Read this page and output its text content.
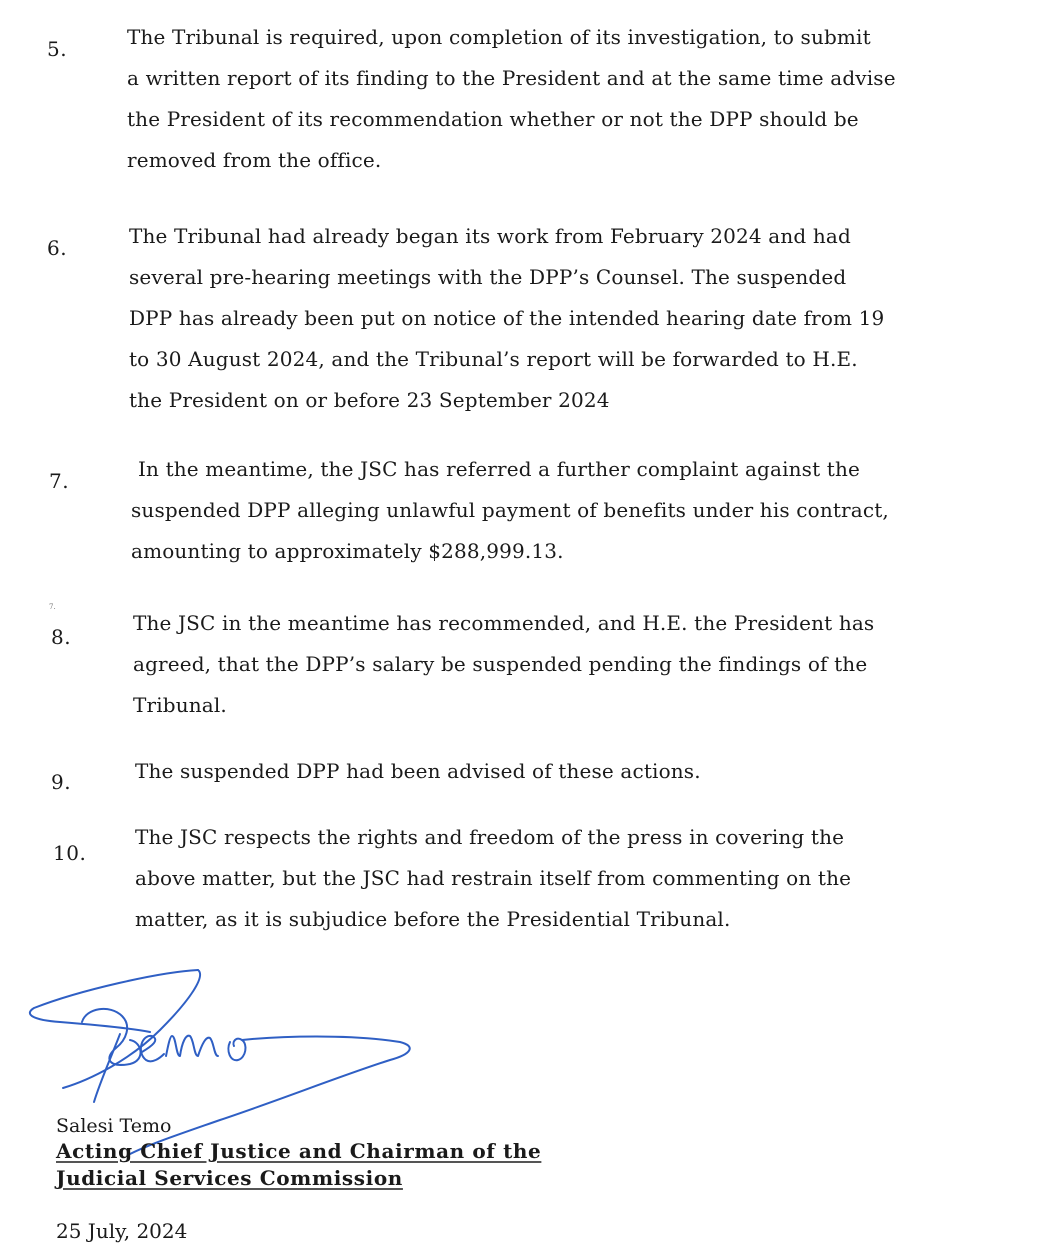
5.	The Tribunal is required, upon completion of its investigation, to submit
a written report of its finding to the President and at the same time advise
the President of its recommendation whether or not the DPP should be
removed from the office.
6.	The Tribunal had already began its work from February 2024 and had
several pre-hearing meetings with the DPP’s Counsel. The suspended
DPP has already been put on notice of the intended hearing date from 19
to 30 August 2024, and the Tribunal’s report will be forwarded to H.E.
the President on or before 23 September 2024
7.	In the meantime, the JSC has referred a further complaint against the
suspended DPP alleging unlawful payment of benefits under his contract,
amounting to approximately $288,999.13.
7.
8.
The JSC in the meantime has recommended, and H.E. the President has
agreed, that the DPP’s salary be suspended pending the findings of the
Tribunal.
9.	The suspended DPP had been advised of these actions.
10.
The JSC respects the rights and freedom of the press in covering the
above matter, but the JSC had restrain itself from commenting on the
matter, as it is subjudice before the Presidential Tribunal.
Salesi Temo
Acting Chief Justice and Chairman of the
Judicial Services Commission
25 July, 2024
